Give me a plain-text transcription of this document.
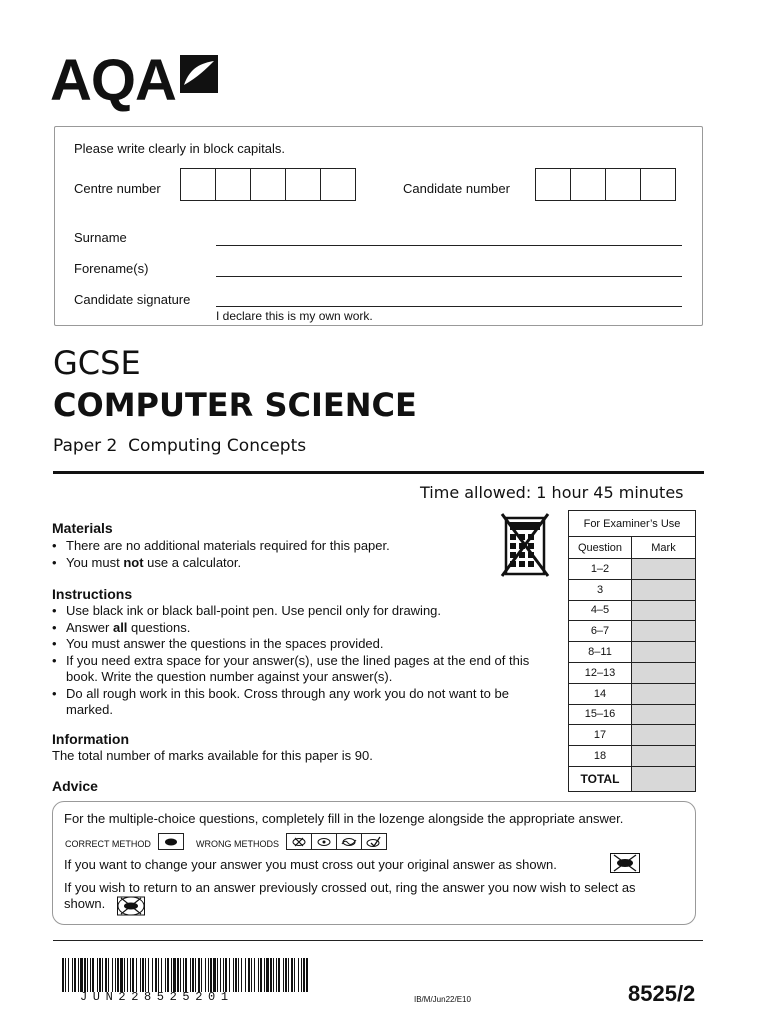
AQA
Please write clearly in block capitals.
Centre number	Candidate number
Surname
Forename(s)
Candidate signature
I declare this is my own work.
GCSE
COMPUTER SCIENCE
Paper 2  Computing Concepts
Time allowed: 1 hour 45 minutes
Materials
• There are no additional materials required for this paper.
• You must not use a calculator.
Instructions
• Use black ink or black ball-point pen. Use pencil only for drawing.
• Answer all questions.
• You must answer the questions in the spaces provided.
• If you need extra space for your answer(s), use the lined pages at the end of this book. Write the question number against your answer(s).
• Do all rough work in this book. Cross through any work you do not want to be marked.
Information
The total number of marks available for this paper is 90.
Advice
For Examiner’s Use	
Question	Mark
1–2	
3	
4–5	
6–7	
8–11	
12–13	
14	
15–16	
17	
18	
TOTAL	
For the multiple-choice questions, completely fill in the lozenge alongside the appropriate answer.
CORRECT METHOD	WRONG METHODS
If you want to change your answer you must cross out your original answer as shown.
If you wish to return to an answer previously crossed out, ring the answer you now wish to select as
shown.
JUN228525201	IB/M/Jun22/E10	8525/2
